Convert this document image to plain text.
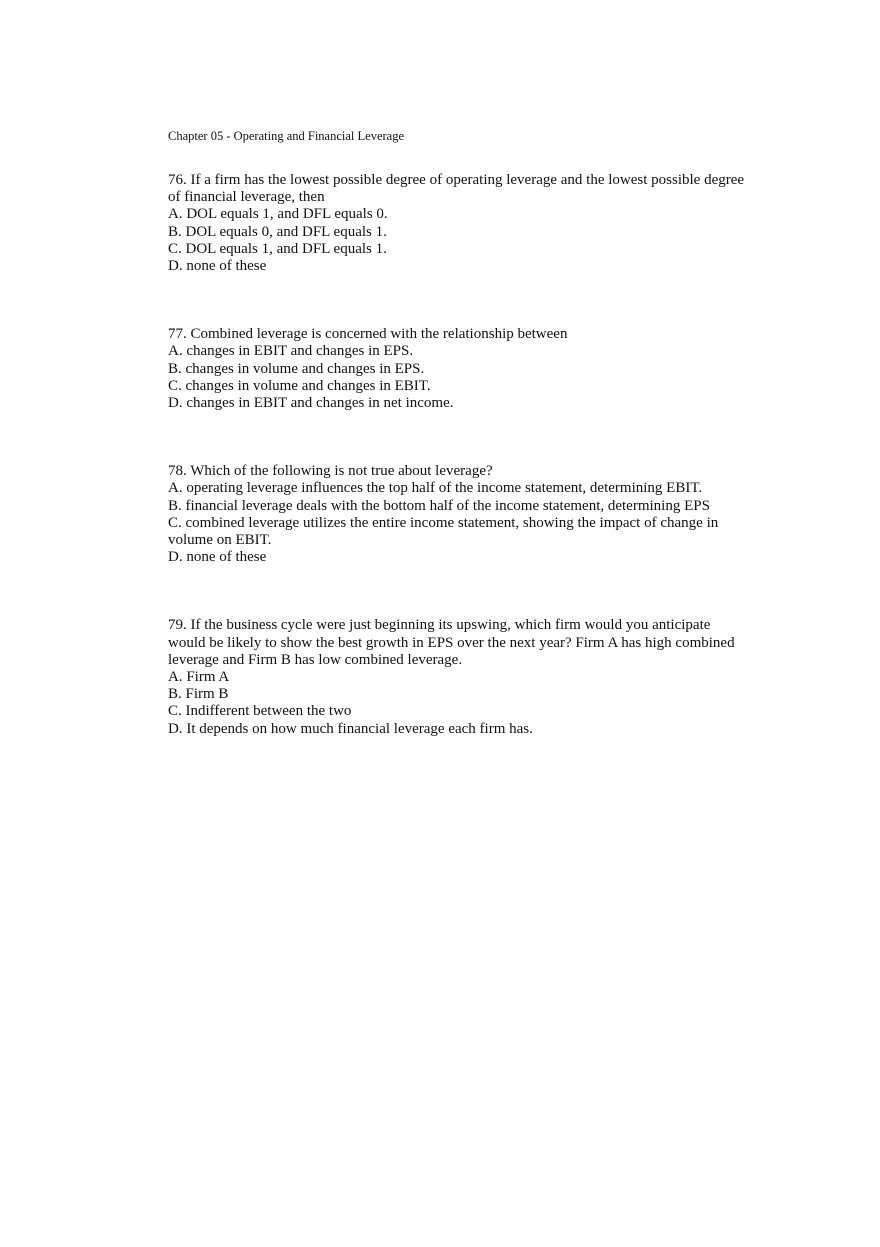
Chapter 05 - Operating and Financial Leverage
76. If a firm has the lowest possible degree of operating leverage and the lowest possible degree of financial leverage, then
A. DOL equals 1, and DFL equals 0.
B. DOL equals 0, and DFL equals 1.
C. DOL equals 1, and DFL equals 1.
D. none of these
77. Combined leverage is concerned with the relationship between
A. changes in EBIT and changes in EPS.
B. changes in volume and changes in EPS.
C. changes in volume and changes in EBIT.
D. changes in EBIT and changes in net income.
78. Which of the following is not true about leverage?
A. operating leverage influences the top half of the income statement, determining EBIT.
B. financial leverage deals with the bottom half of the income statement, determining EPS
C. combined leverage utilizes the entire income statement, showing the impact of change in volume on EBIT.
D. none of these
79. If the business cycle were just beginning its upswing, which firm would you anticipate would be likely to show the best growth in EPS over the next year? Firm A has high combined leverage and Firm B has low combined leverage.
A. Firm A
B. Firm B
C. Indifferent between the two
D. It depends on how much financial leverage each firm has.
